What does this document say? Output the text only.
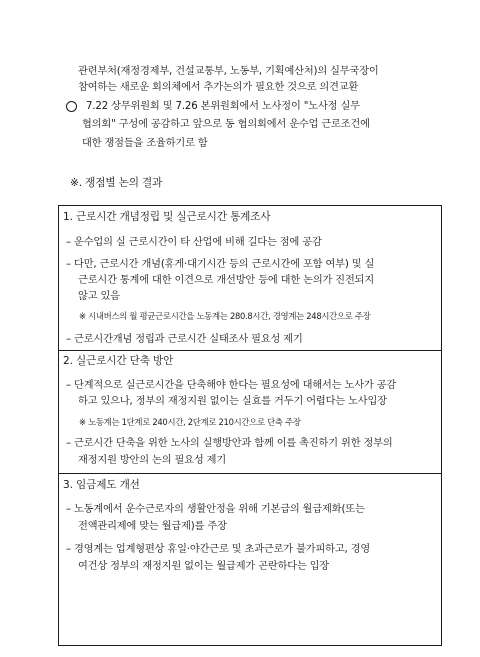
관련부처(재정경제부, 건설교통부, 노동부, 기획예산처)의 실무국장이
참여하는 새로운 회의체에서 추가논의가 필요한 것으로 의견교환
7.22 상무위원회 및 7.26 본위원회에서 노사정이 "노사정 실무
협의회" 구성에 공감하고 앞으로 동 협의회에서 운수업 근로조건에
대한 쟁점들을 조율하기로 함
※. 쟁점별 논의 결과
1. 근로시간 개념정립 및 실근로시간 통계조사
– 운수업의 실 근로시간이 타 산업에 비해 길다는 점에 공감
– 다만, 근로시간 개념(휴게·대기시간 등의 근로시간에 포함 여부) 및 실
근로시간 통계에 대한 이견으로 개선방안 등에 대한 논의가 진전되지
않고 있음
※ 시내버스의 월 평균근로시간을 노동계는 280.8시간, 경영계는 248시간으로 주장
– 근로시간개념 정립과 근로시간 실태조사 필요성 제기
2. 실근로시간 단축 방안
– 단계적으로 실근로시간을 단축해야 한다는 필요성에 대해서는 노사가 공감
하고 있으나, 정부의 재정지원 없이는 실효를 거두기 어렵다는 노사입장
※ 노동계는 1단계로 240시간, 2단계로 210시간으로 단축 주장
– 근로시간 단축을 위한 노사의 실행방안과 함께 이를 촉진하기 위한 정부의
재정지원 방안의 논의 필요성 제기
3. 임금제도 개선
– 노동계에서 운수근로자의 생활안정을 위해 기본급의 월급제화(또는
전액관리제에 맞는 월급제)를 주장
– 경영계는 업계형편상 휴일·야간근로 및 초과근로가 불가피하고, 경영
여건상 정부의 재정지원 없이는 월급제가 곤란하다는 입장
